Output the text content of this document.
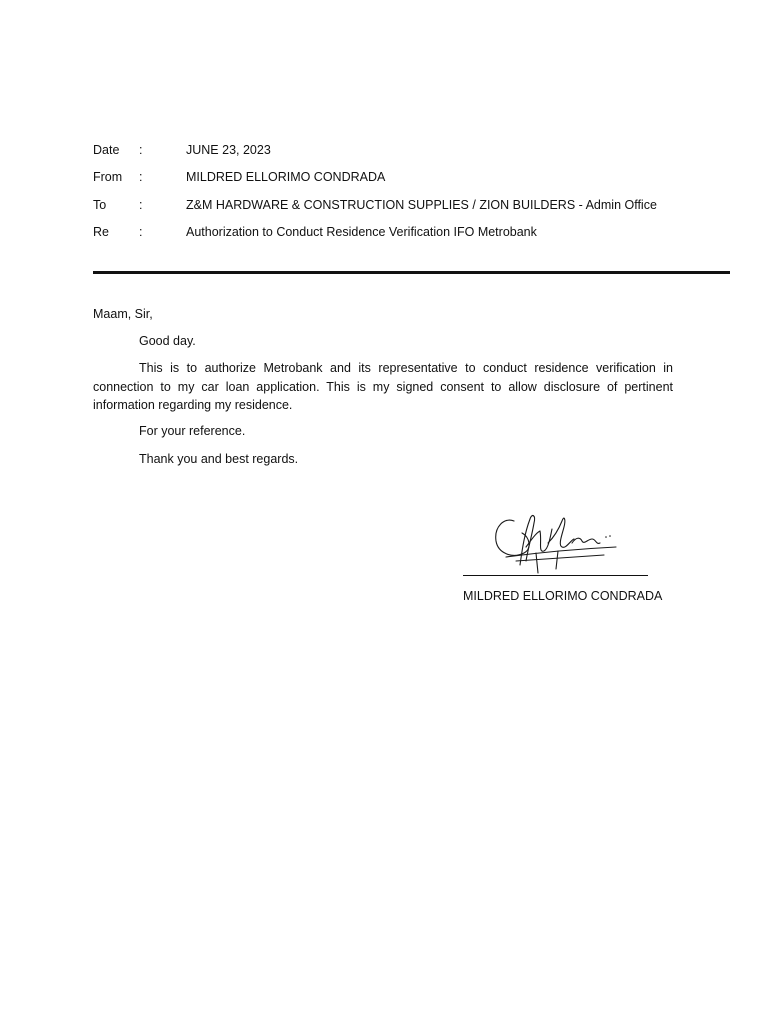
Date :	JUNE 23, 2023
From :	MILDRED ELLORIMO CONDRADA
To	:	Z&M HARDWARE & CONSTRUCTION SUPPLIES / ZION BUILDERS - Admin Office
Re :	Authorization to Conduct Residence Verification IFO Metrobank
Maam, Sir,
Good day.
This is to authorize Metrobank and its representative to conduct residence verification in connection to my car loan application. This is my signed consent to allow disclosure of pertinent information regarding my residence.
For your reference.
Thank you and best regards.
MILDRED ELLORIMO CONDRADA
